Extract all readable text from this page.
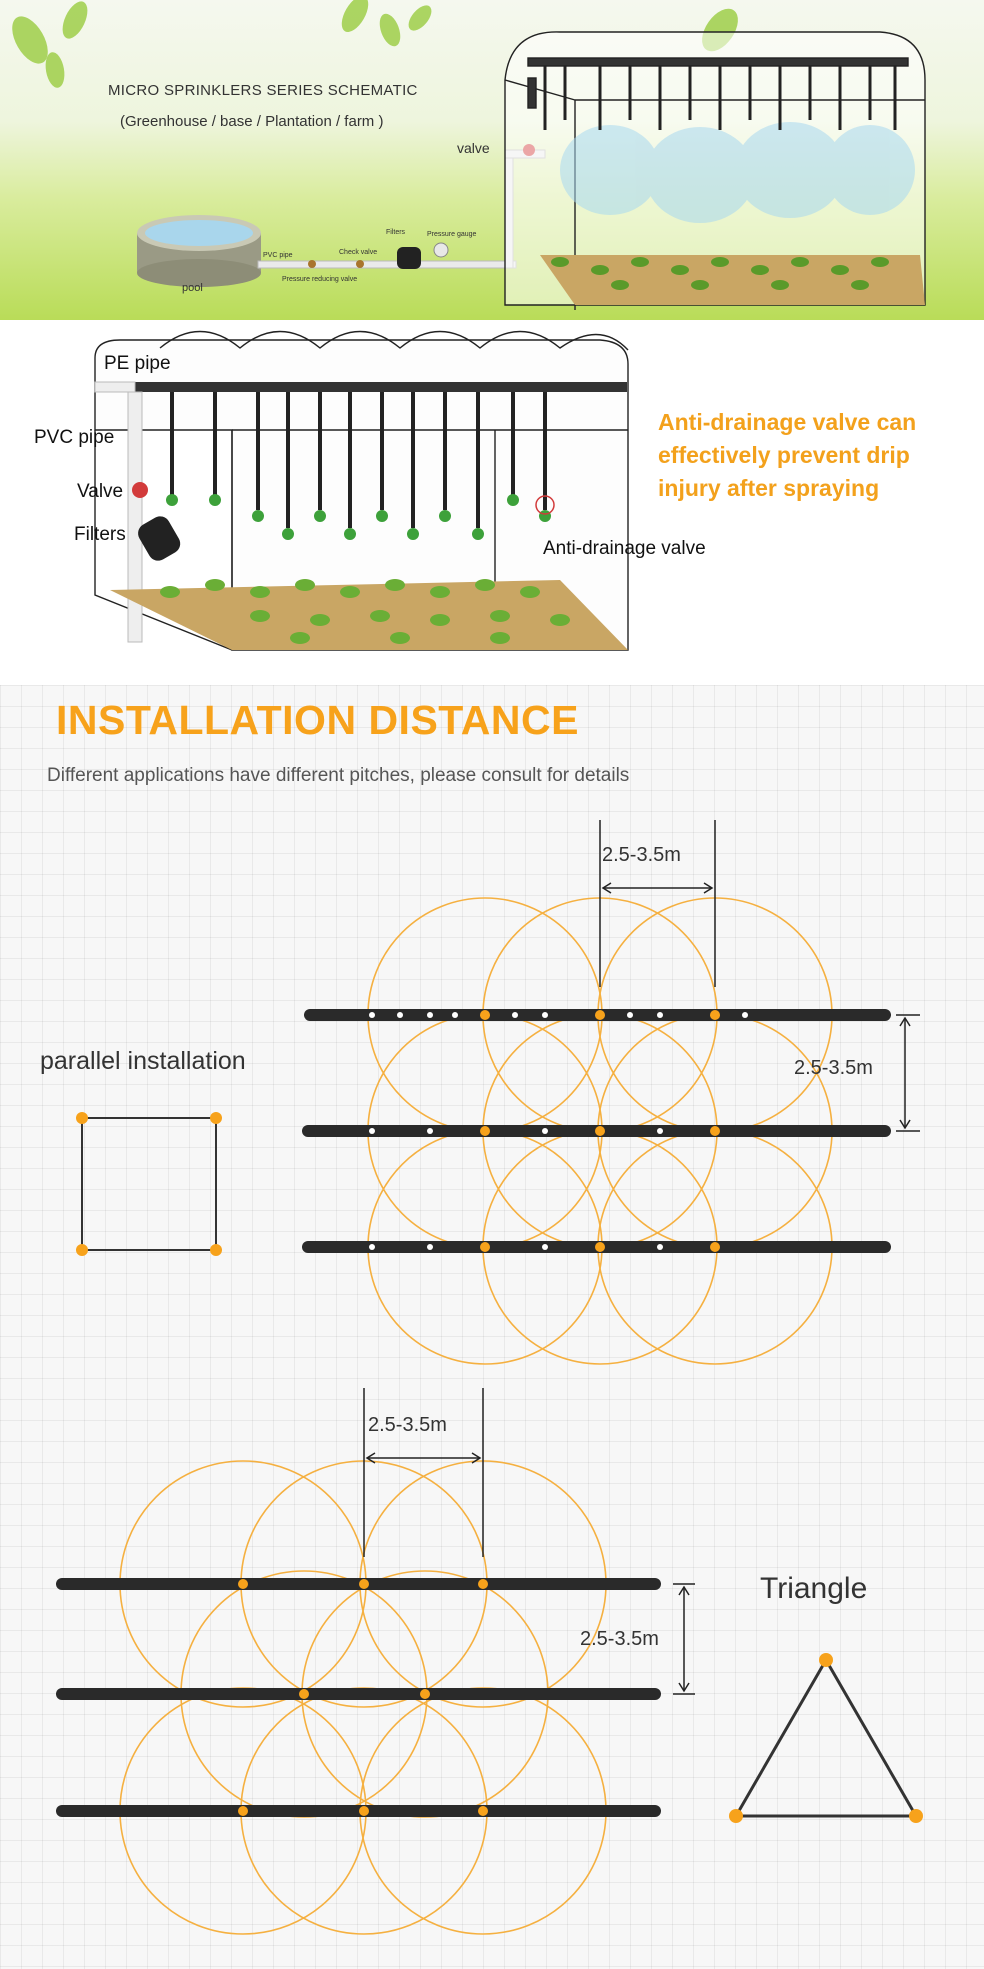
MICRO SPRINKLERS SERIES SCHEMATIC
(Greenhouse / base / Plantation / farm )
valve
pool
PVC pipe	Check valve
Filters	Pressure gauge
Pressure reducing valve
PE pipe
PVC pipe
Valve
Filters
Anti-drainage valve
Anti-drainage valve can effectively prevent drip injury after spraying
INSTALLATION DISTANCE
Different applications have different pitches, please consult for details
2.5-3.5m
2.5-3.5m
parallel installation
2.5-3.5m
2.5-3.5m
Triangle
